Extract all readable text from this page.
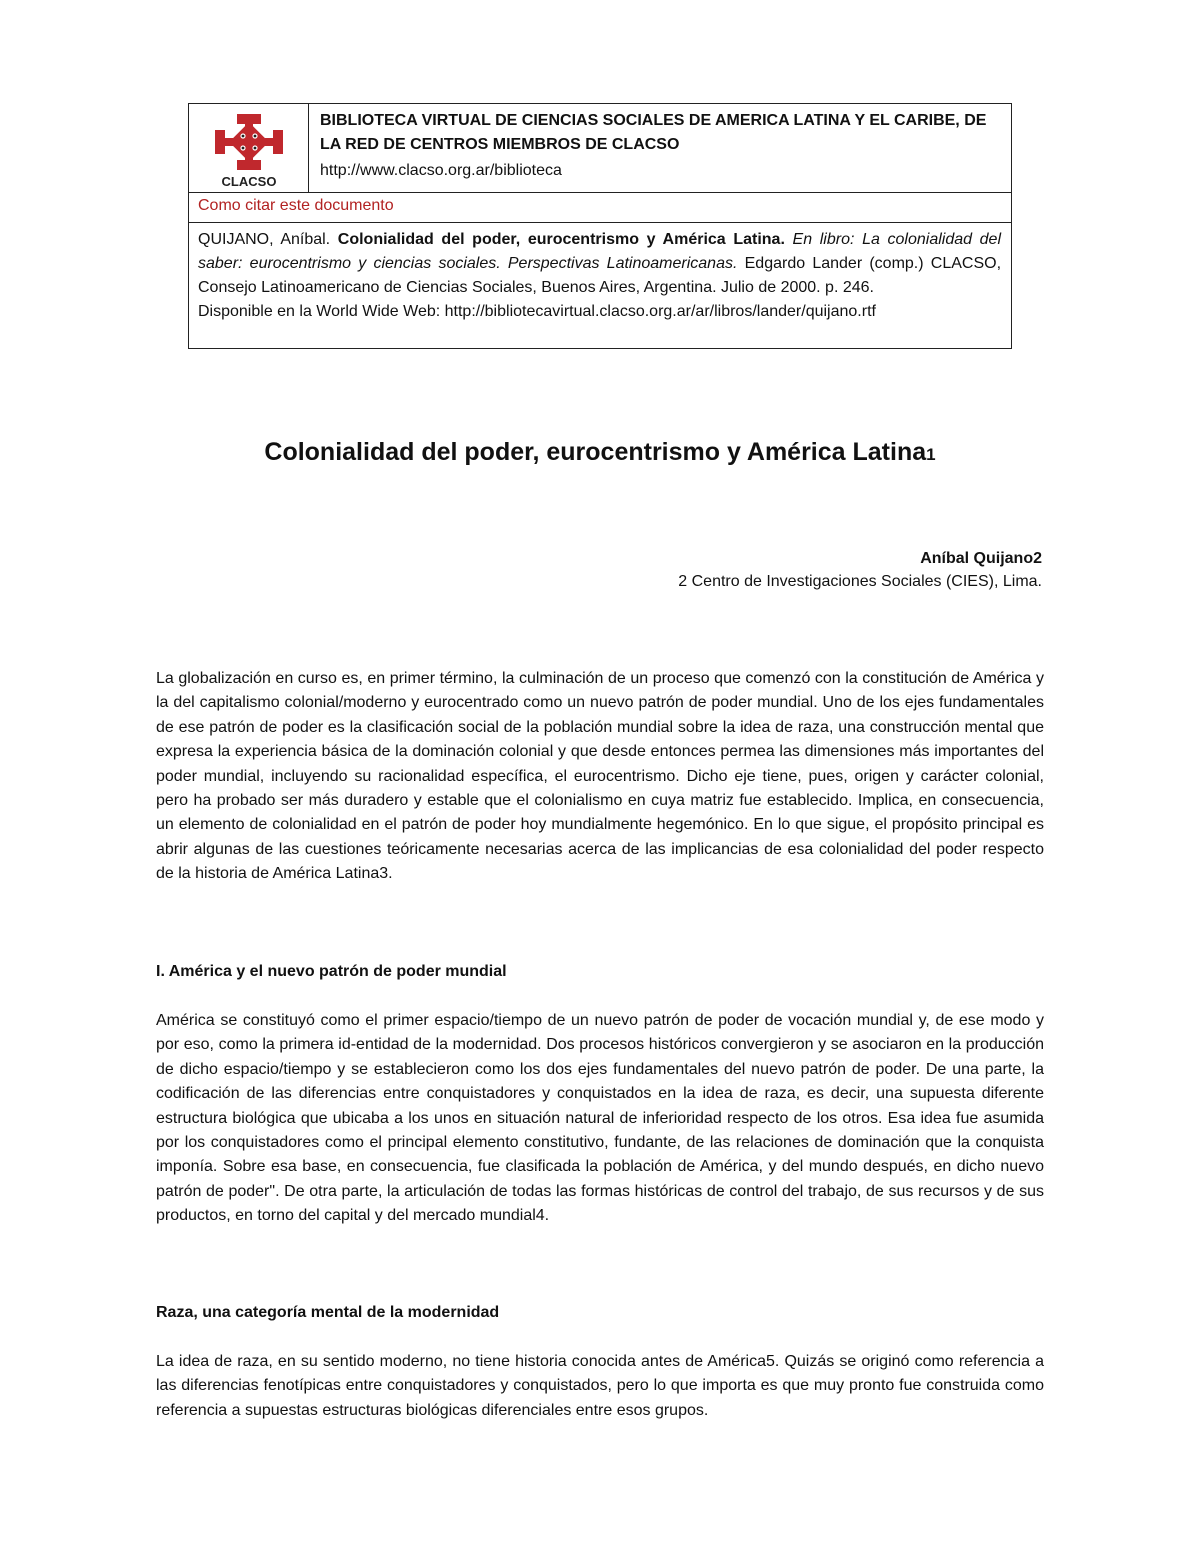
CLACSO

BIBLIOTECA VIRTUAL DE CIENCIAS SOCIALES DE AMERICA LATINA Y EL CARIBE, DE LA RED DE CENTROS MIEMBROS DE CLACSO

http://www.clacso.org.ar/biblioteca

Como citar este documento
QUIJANO, Aníbal. Colonialidad del poder, eurocentrismo y América Latina. En libro: La colonialidad del saber: eurocentrismo y ciencias sociales. Perspectivas Latinoamericanas. Edgardo Lander (comp.) CLACSO, Consejo Latinoamericano de Ciencias Sociales, Buenos Aires, Argentina. Julio de 2000. p. 246.
Disponible en la World Wide Web: http://bibliotecavirtual.clacso.org.ar/ar/libros/lander/quijano.rtf
Colonialidad del poder, eurocentrismo y América Latina1
Aníbal Quijano2
2 Centro de Investigaciones Sociales (CIES), Lima.

La globalización en curso es, en primer término, la culminación de un proceso que comenzó con la constitución de América y la del capitalismo colonial/moderno y eurocentrado como un nuevo patrón de poder mundial. Uno de los ejes fundamentales de ese patrón de poder es la clasificación social de la población mundial sobre la idea de raza, una construcción mental que expresa la experiencia básica de la dominación colonial y que desde entonces permea las dimensiones más importantes del poder mundial, incluyendo su racionalidad específica, el eurocentrismo. Dicho eje tiene, pues, origen y carácter colonial, pero ha probado ser más duradero y estable que el colonialismo en cuya matriz fue establecido. Implica, en consecuencia, un elemento de colonialidad en el patrón de poder hoy mundialmente hegemónico. En lo que sigue, el propósito principal es abrir algunas de las cuestiones teóricamente necesarias acerca de las implicancias de esa colonialidad del poder respecto de la historia de América Latina3.

I. América y el nuevo patrón de poder mundial

América se constituyó como el primer espacio/tiempo de un nuevo patrón de poder de vocación mundial y, de ese modo y por eso, como la primera id-entidad de la modernidad. Dos procesos históricos convergieron y se asociaron en la producción de dicho espacio/tiempo y se establecieron como los dos ejes fundamentales del nuevo patrón de poder. De una parte, la codificación de las diferencias entre conquistadores y conquistados en la idea de raza, es decir, una supuesta diferente estructura biológica que ubicaba a los unos en situación natural de inferioridad respecto de los otros. Esa idea fue asumida por los conquistadores como el principal elemento constitutivo, fundante, de las relaciones de dominación que la conquista imponía. Sobre esa base, en consecuencia, fue clasificada la población de América, y del mundo después, en dicho nuevo patrón de poder". De otra parte, la articulación de todas las formas históricas de control del trabajo, de sus recursos y de sus productos, en torno del capital y del mercado mundial4.

Raza, una categoría mental de la modernidad

La idea de raza, en su sentido moderno, no tiene historia conocida antes de América5. Quizás se originó como referencia a las diferencias fenotípicas entre conquistadores y conquistados, pero lo que importa es que muy pronto fue construida como referencia a supuestas estructuras biológicas diferenciales entre esos grupos.
